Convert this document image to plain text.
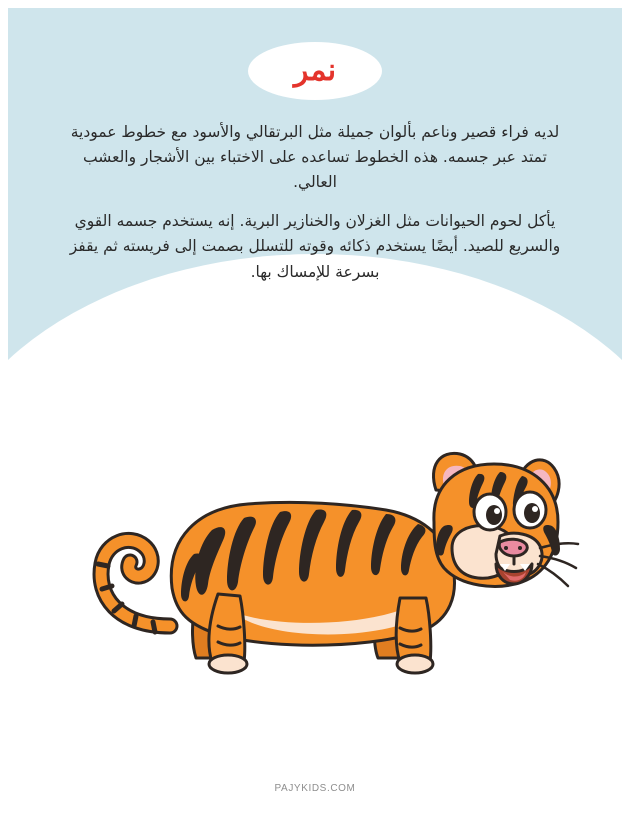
نمر

لديه فراء قصير وناعم بألوان جميلة مثل البرتقالي والأسود مع خطوط عمودية تمتد عبر جسمه. هذه الخطوط تساعده على الاختباء بين الأشجار والعشب العالي.

يأكل لحوم الحيوانات مثل الغزلان والخنازير البرية. إنه يستخدم جسمه القوي والسريع للصيد. أيضًا يستخدم ذكائه وقوته للتسلل بصمت إلى فريسته ثم يقفز بسرعة للإمساك بها.

PAJYKIDS.COM
